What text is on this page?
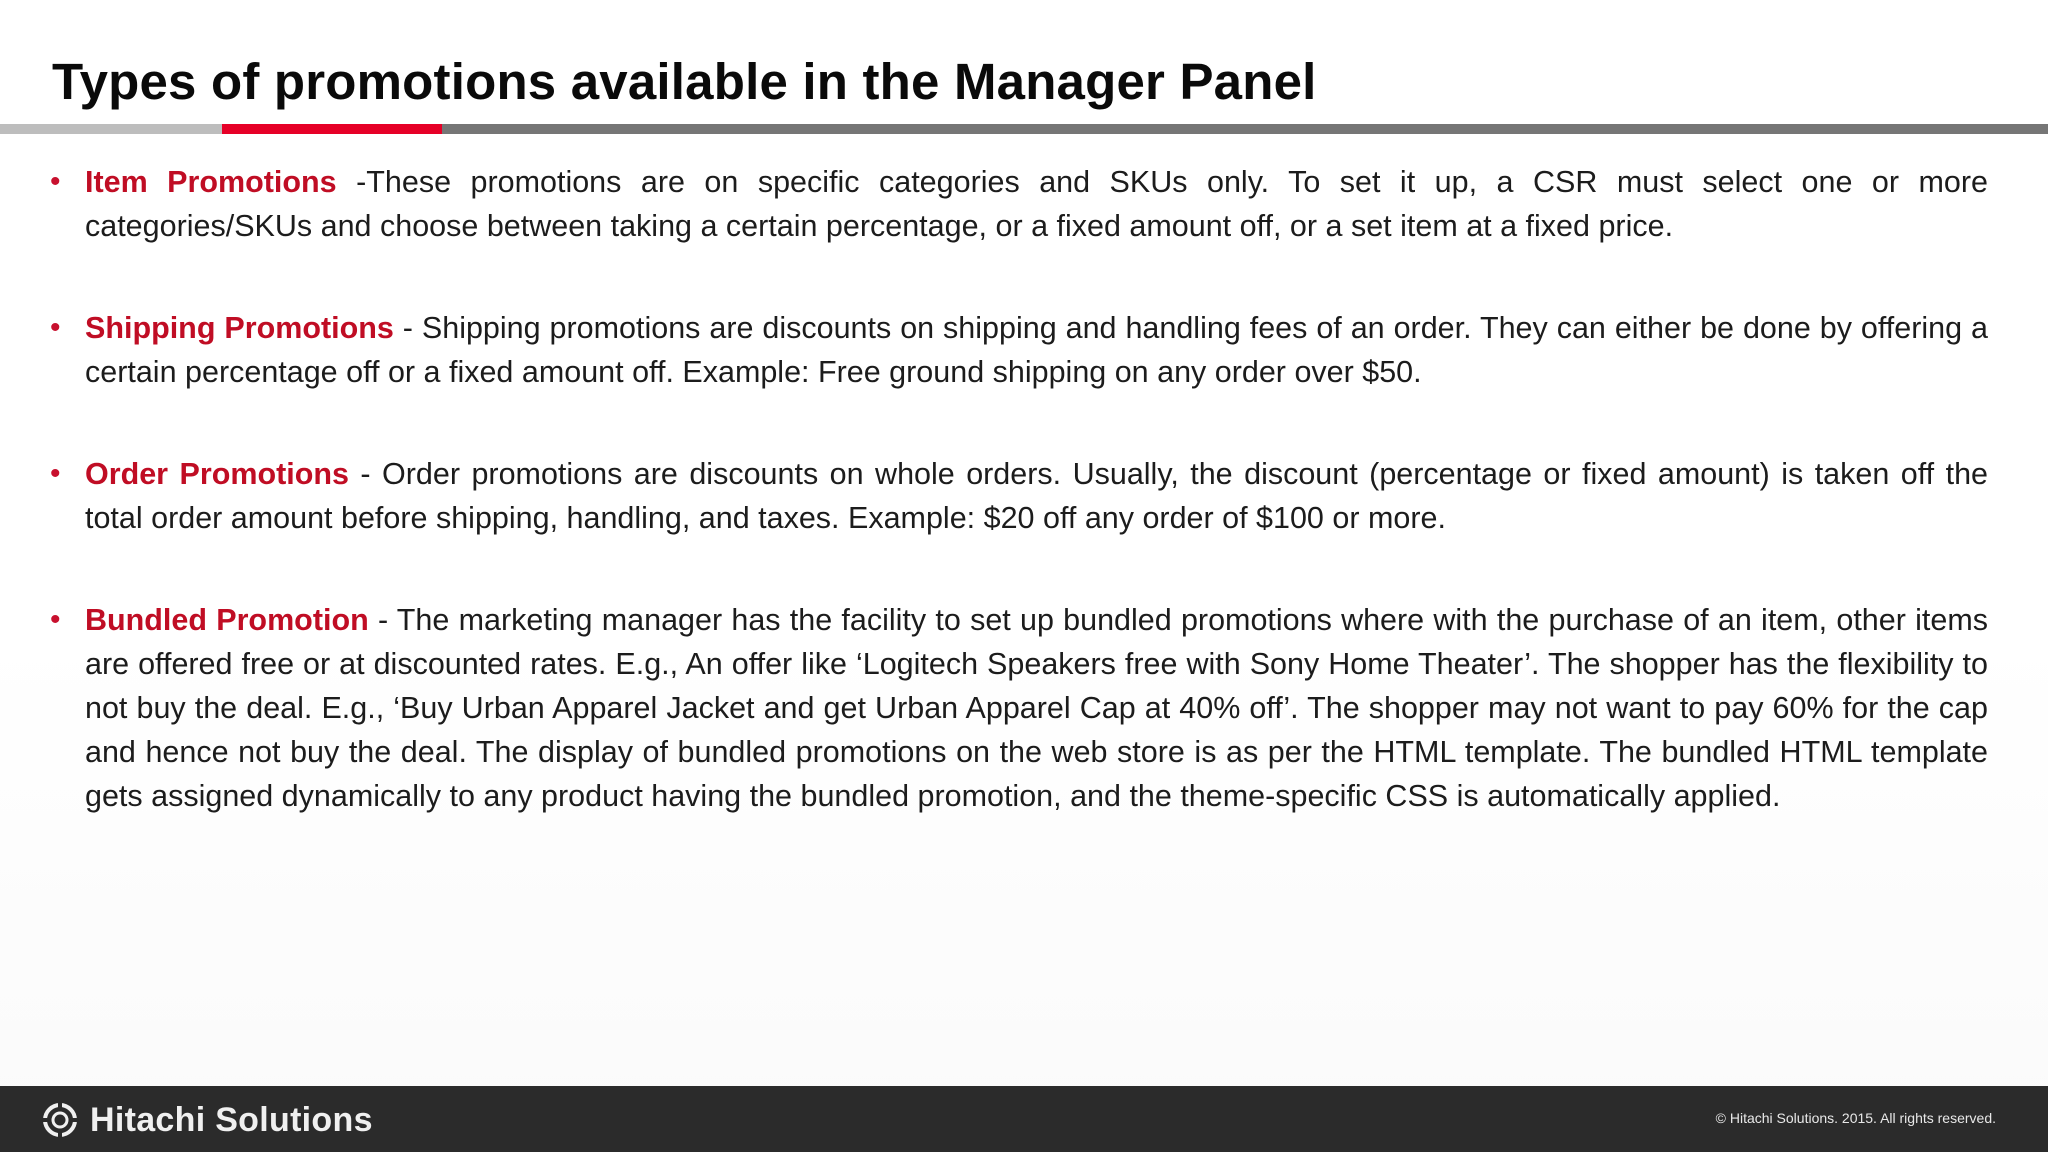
Types of promotions available in the Manager Panel
• Item Promotions -These promotions are on specific categories and SKUs only. To set it up, a CSR must select one or more categories/SKUs and choose between taking a certain percentage, or a fixed amount off, or a set item at a fixed price.
• Shipping Promotions - Shipping promotions are discounts on shipping and handling fees of an order. They can either be done by offering a certain percentage off or a fixed amount off. Example: Free ground shipping on any order over $50.
• Order Promotions - Order promotions are discounts on whole orders. Usually, the discount (percentage or fixed amount) is taken off the total order amount before shipping, handling, and taxes. Example: $20 off any order of $100 or more.
• Bundled Promotion - The marketing manager has the facility to set up bundled promotions where with the purchase of an item, other items are offered free or at discounted rates. E.g., An offer like ‘Logitech Speakers free with Sony Home Theater’. The shopper has the flexibility to not buy the deal. E.g., ‘Buy Urban Apparel Jacket and get Urban Apparel Cap at 40% off’. The shopper may not want to pay 60% for the cap and hence not buy the deal. The display of bundled promotions on the web store is as per the HTML template. The bundled HTML template gets assigned dynamically to any product having the bundled promotion, and the theme-specific CSS is automatically applied.
Hitachi Solutions	© Hitachi Solutions. 2015. All rights reserved.
